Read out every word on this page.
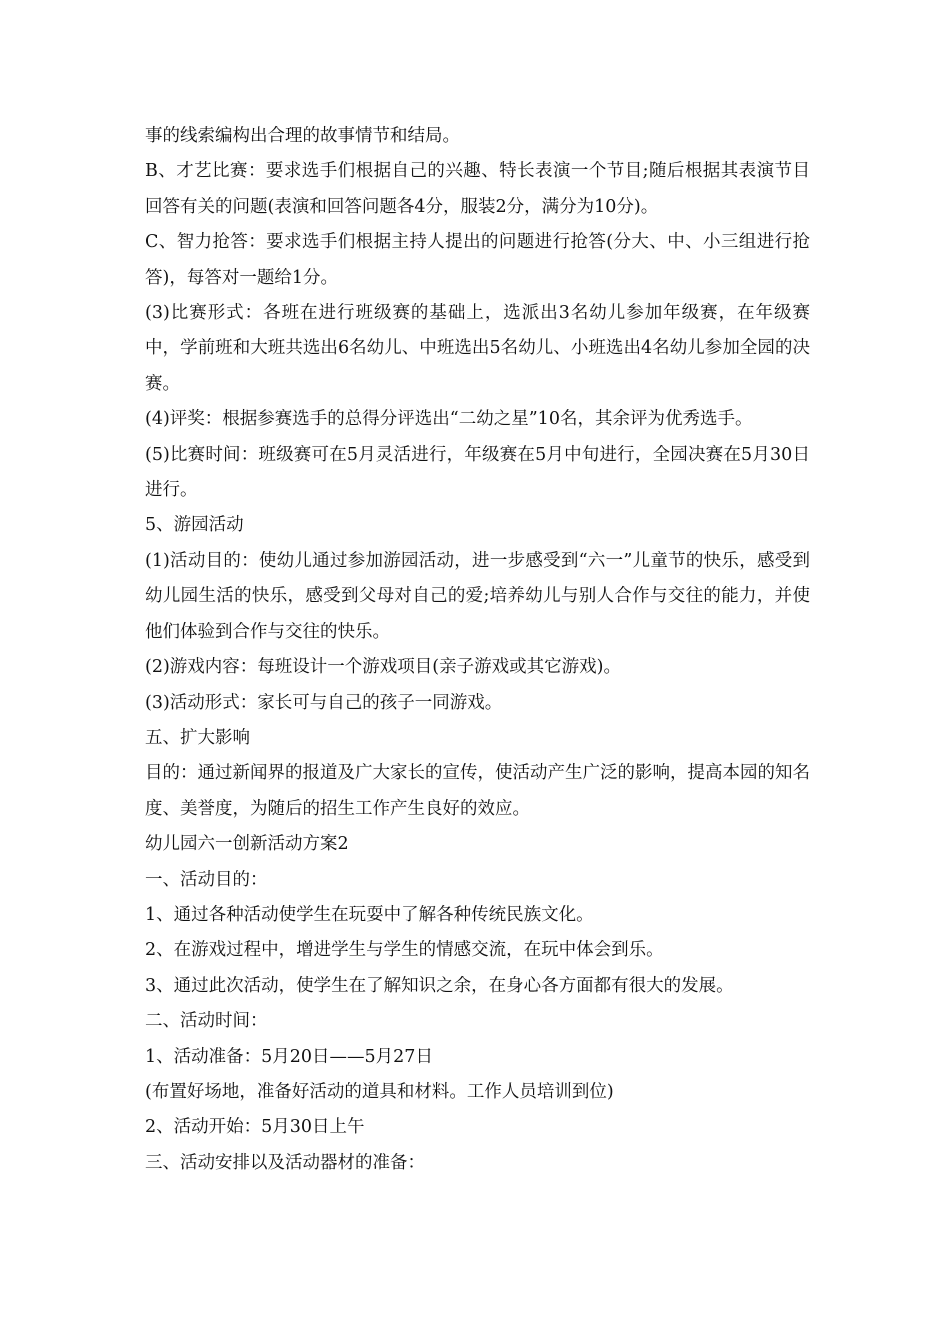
事的线索编构出合理的故事情节和结局。

B、才艺比赛：要求选手们根据自己的兴趣、特长表演一个节目;随后根据其表演节目回答有关的问题(表演和回答问题各4分，服装2分，满分为10分)。

C、智力抢答：要求选手们根据主持人提出的问题进行抢答(分大、中、小三组进行抢答)，每答对一题给1分。

(3)比赛形式：各班在进行班级赛的基础上，选派出3名幼儿参加年级赛，在年级赛中，学前班和大班共选出6名幼儿、中班选出5名幼儿、小班选出4名幼儿参加全园的决赛。

(4)评奖：根据参赛选手的总得分评选出“二幼之星”10名，其余评为优秀选手。

(5)比赛时间：班级赛可在5月灵活进行，年级赛在5月中旬进行，全园决赛在5月30日进行。

5、游园活动

(1)活动目的：使幼儿通过参加游园活动，进一步感受到“六一”儿童节的快乐，感受到幼儿园生活的快乐，感受到父母对自己的爱;培养幼儿与别人合作与交往的能力，并使他们体验到合作与交往的快乐。

(2)游戏内容：每班设计一个游戏项目(亲子游戏或其它游戏)。

(3)活动形式：家长可与自己的孩子一同游戏。

五、扩大影响

目的：通过新闻界的报道及广大家长的宣传，使活动产生广泛的影响，提高本园的知名度、美誉度，为随后的招生工作产生良好的效应。

幼儿园六一创新活动方案2

一、活动目的：

1、通过各种活动使学生在玩耍中了解各种传统民族文化。

2、在游戏过程中，增进学生与学生的情感交流，在玩中体会到乐。

3、通过此次活动，使学生在了解知识之余，在身心各方面都有很大的发展。

二、活动时间：

1、活动准备：5月20日——5月27日

(布置好场地，准备好活动的道具和材料。工作人员培训到位)

2、活动开始：5月30日上午

三、活动安排以及活动器材的准备：
